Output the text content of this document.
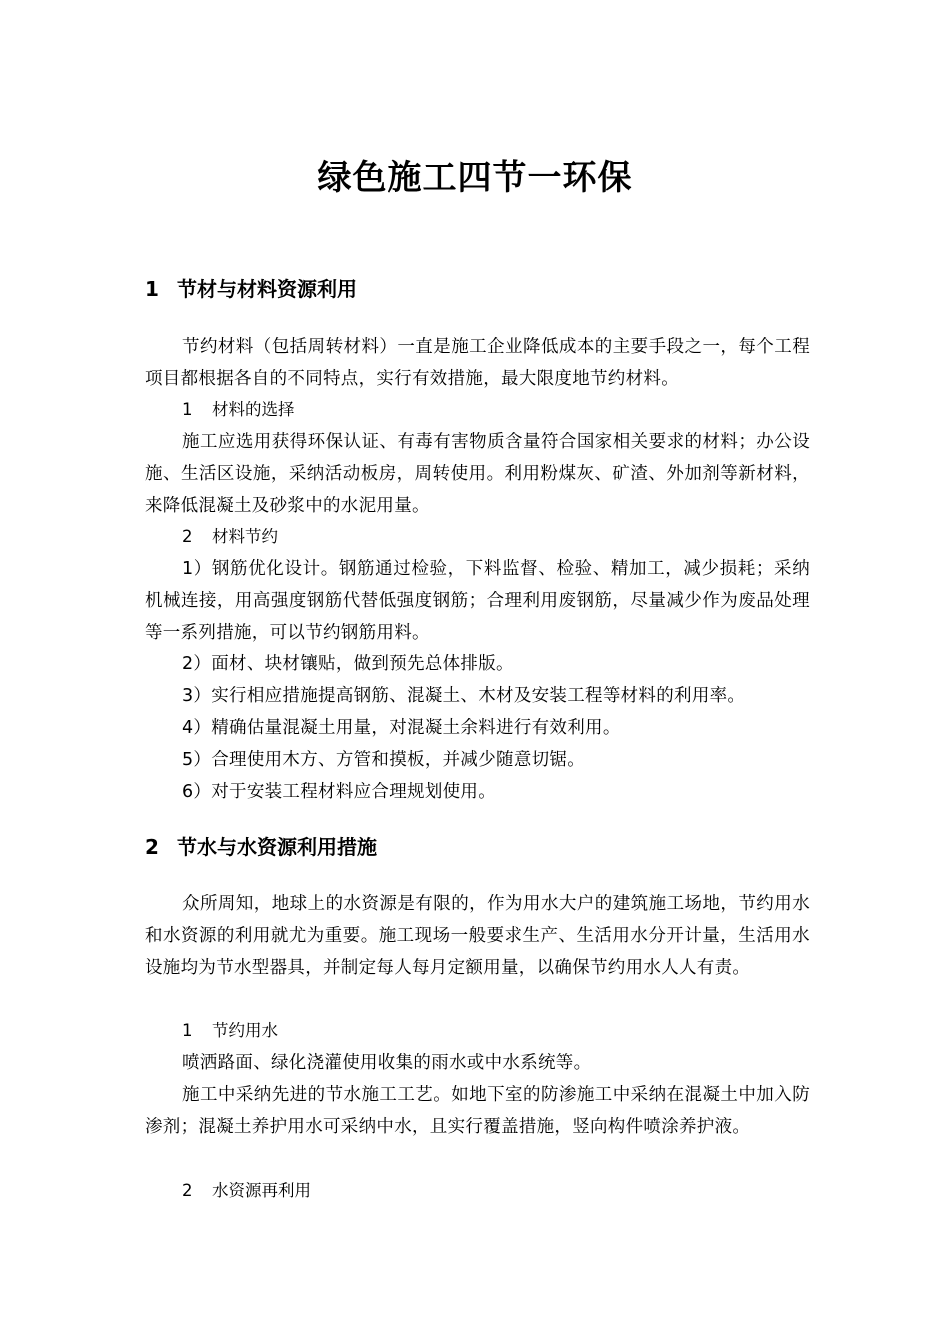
绿色施工四节一环保
1 节材与材料资源利用
节约材料（包括周转材料）一直是施工企业降低成本的主要手段之一，每个工程项目都根据各自的不同特点，实行有效措施，最大限度地节约材料。
1 材料的选择
施工应选用获得环保认证、有毒有害物质含量符合国家相关要求的材料；办公设施、生活区设施，采纳活动板房，周转使用。利用粉煤灰、矿渣、外加剂等新材料，来降低混凝土及砂浆中的水泥用量。
2 材料节约
1）钢筋优化设计。钢筋通过检验，下料监督、检验、精加工，减少损耗；采纳机械连接，用高强度钢筋代替低强度钢筋；合理利用废钢筋，尽量减少作为废品处理等一系列措施，可以节约钢筋用料。
2）面材、块材镶贴，做到预先总体排版。
3）实行相应措施提高钢筋、混凝土、木材及安装工程等材料的利用率。
4）精确估量混凝土用量，对混凝土余料进行有效利用。
5）合理使用木方、方管和摸板，并减少随意切锯。
6）对于安装工程材料应合理规划使用。
2 节水与水资源利用措施
众所周知，地球上的水资源是有限的，作为用水大户的建筑施工场地，节约用水和水资源的利用就尤为重要。施工现场一般要求生产、生活用水分开计量，生活用水设施均为节水型器具，并制定每人每月定额用量，以确保节约用水人人有责。
1 节约用水
喷洒路面、绿化浇灌使用收集的雨水或中水系统等。
施工中采纳先进的节水施工工艺。如地下室的防渗施工中采纳在混凝土中加入防渗剂；混凝土养护用水可采纳中水，且实行覆盖措施，竖向构件喷涂养护液。
2 水资源再利用
